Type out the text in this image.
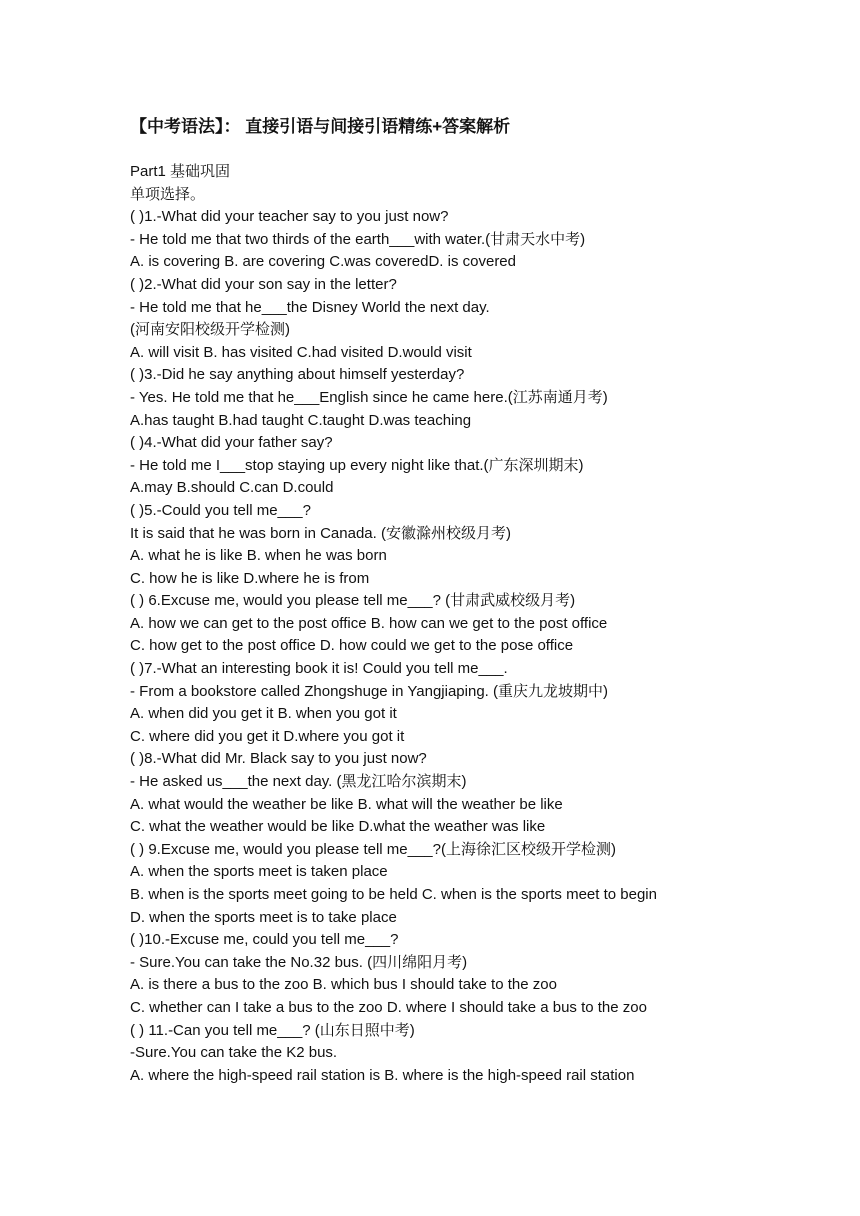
【中考语法】： 直接引语与间接引语精练+答案解析
Part1 基础巩固
单项选择。
( )1.-What did your teacher say to you just now?
- He told me that two thirds of the earth___with water.(甘肃天水中考)
A. is covering B. are covering C.was coveredD. is covered
( )2.-What did your son say in the letter?
- He told me that he___the Disney World the next day.
(河南安阳校级开学检测)
A. will visit B. has visited C.had visited D.would visit
( )3.-Did he say anything about himself yesterday?
- Yes. He told me that he___English since he came here.(江苏南通月考)
A.has taught B.had taught C.taught D.was teaching
( )4.-What did your father say?
- He told me I___stop staying up every night like that.(广东深圳期末)
A.may B.should C.can D.could
( )5.-Could you tell me___?
It is said that he was born in Canada. (安徽滁州校级月考)
A. what he is like B. when he was born
C. how he is like D.where he is from
( ) 6.Excuse me, would you please tell me___? (甘肃武威校级月考)
A. how we can get to the post office B. how can we get to the post office
C. how get to the post office D. how could we get to the pose office
( )7.-What an interesting book it is! Could you tell me___.
- From a bookstore called Zhongshuge in Yangjiaping. (重庆九龙坡期中)
A. when did you get it B. when you got it
C. where did you get it D.where you got it
( )8.-What did Mr. Black say to you just now?
- He asked us___the next day. (黑龙江哈尔滨期末)
A. what would the weather be like B. what will the weather be like
C. what the weather would be like D.what the weather was like
( ) 9.Excuse me, would you please tell me___?(上海徐汇区校级开学检测)
A. when the sports meet is taken place
B. when is the sports meet going to be held C. when is the sports meet to begin
D. when the sports meet is to take place
( )10.-Excuse me, could you tell me___?
- Sure.You can take the No.32 bus. (四川绵阳月考)
A. is there a bus to the zoo B. which bus I should take to the zoo
C. whether can I take a bus to the zoo D. where I should take a bus to the zoo
( ) 11.-Can you tell me___? (山东日照中考)
-Sure.You can take the K2 bus.
A. where the high-speed rail station is B. where is the high-speed rail station
